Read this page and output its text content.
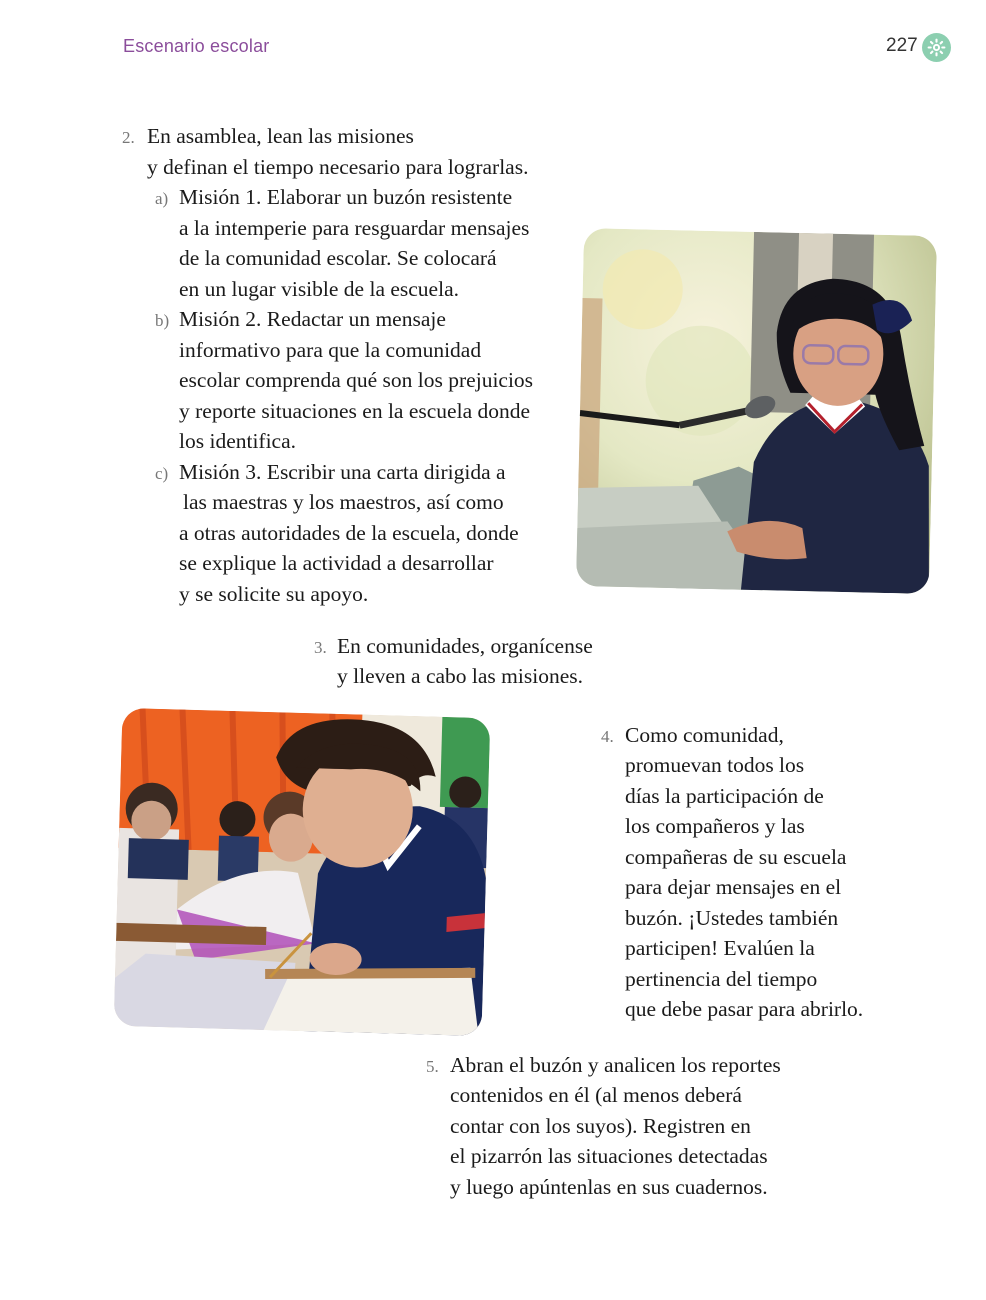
Escenario escolar	227
2. En asamblea, lean las misiones
y definan el tiempo necesario para lograrlas.
a) Misión 1. Elaborar un buzón resistente
a la intemperie para resguardar mensajes
de la comunidad escolar. Se colocará
en un lugar visible de la escuela.
b) Misión 2. Redactar un mensaje
informativo para que la comunidad
escolar comprenda qué son los prejuicios
y reporte situaciones en la escuela donde
los identifica.
c) Misión 3. Escribir una carta dirigida a
las maestras y los maestros, así como
a otras autoridades de la escuela, donde
se explique la actividad a desarrollar
y se solicite su apoyo.
3. En comunidades, organícense
y lleven a cabo las misiones.
4. Como comunidad,
promuevan todos los
días la participación de
los compañeros y las
compañeras de su escuela
para dejar mensajes en el
buzón. ¡Ustedes también
participen! Evalúen la
pertinencia del tiempo
que debe pasar para abrirlo.
5. Abran el buzón y analicen los reportes
contenidos en él (al menos deberá
contar con los suyos). Registren en
el pizarrón las situaciones detectadas
y luego apúntenlas en sus cuadernos.
